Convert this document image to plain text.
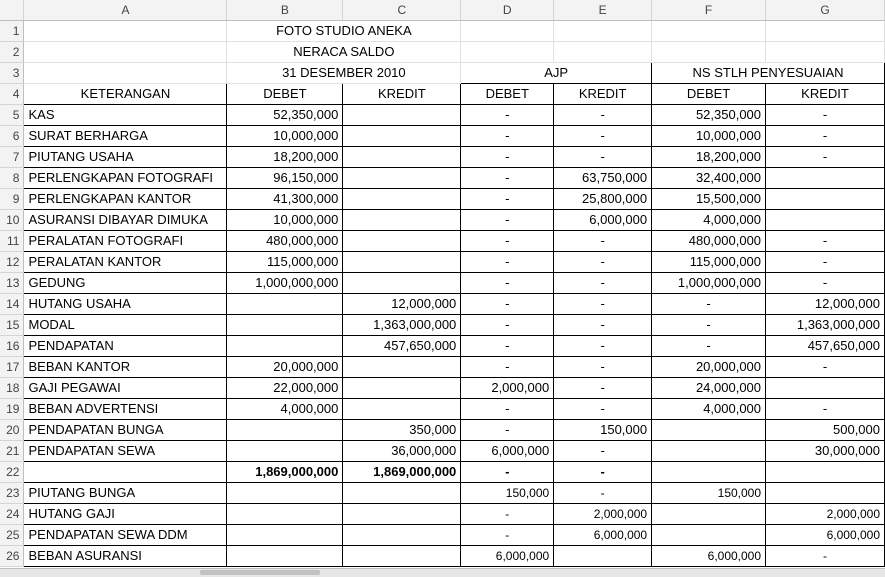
	A	B	C	D	E	F	G
1		FOTO STUDIO ANEKA					
2		NERACA SALDO					
3		31 DESEMBER 2010		AJP		NS STLH PENYESUAIAN	
4	KETERANGAN	DEBET	KREDIT	DEBET	KREDIT	DEBET	KREDIT
5	KAS	52,350,000		-	-	52,350,000	-
6	SURAT BERHARGA	10,000,000		-	-	10,000,000	-
7	PIUTANG USAHA	18,200,000		-	-	18,200,000	-
8	PERLENGKAPAN FOTOGRAFI	96,150,000		-	63,750,000	32,400,000	
9	PERLENGKAPAN KANTOR	41,300,000		-	25,800,000	15,500,000	
10	ASURANSI DIBAYAR DIMUKA	10,000,000		-	6,000,000	4,000,000	
11	PERALATAN FOTOGRAFI	480,000,000		-	-	480,000,000	-
12	PERALATAN KANTOR	115,000,000		-	-	115,000,000	-
13	GEDUNG	1,000,000,000		-	-	1,000,000,000	-
14	HUTANG USAHA		12,000,000	-	-	-	12,000,000
15	MODAL		1,363,000,000	-	-	-	1,363,000,000
16	PENDAPATAN		457,650,000	-	-	-	457,650,000
17	BEBAN KANTOR	20,000,000		-	-	20,000,000	-
18	GAJI PEGAWAI	22,000,000		2,000,000	-	24,000,000	
19	BEBAN ADVERTENSI	4,000,000		-	-	4,000,000	-
20	PENDAPATAN BUNGA		350,000	-	150,000		500,000
21	PENDAPATAN SEWA		36,000,000	6,000,000	-		30,000,000
22		1,869,000,000	1,869,000,000	-	-		
23	PIUTANG BUNGA			150,000	-	150,000	
24	HUTANG GAJI			-	2,000,000		2,000,000
25	PENDAPATAN SEWA DDM			-	6,000,000		6,000,000
26	BEBAN ASURANSI			6,000,000		6,000,000	-
